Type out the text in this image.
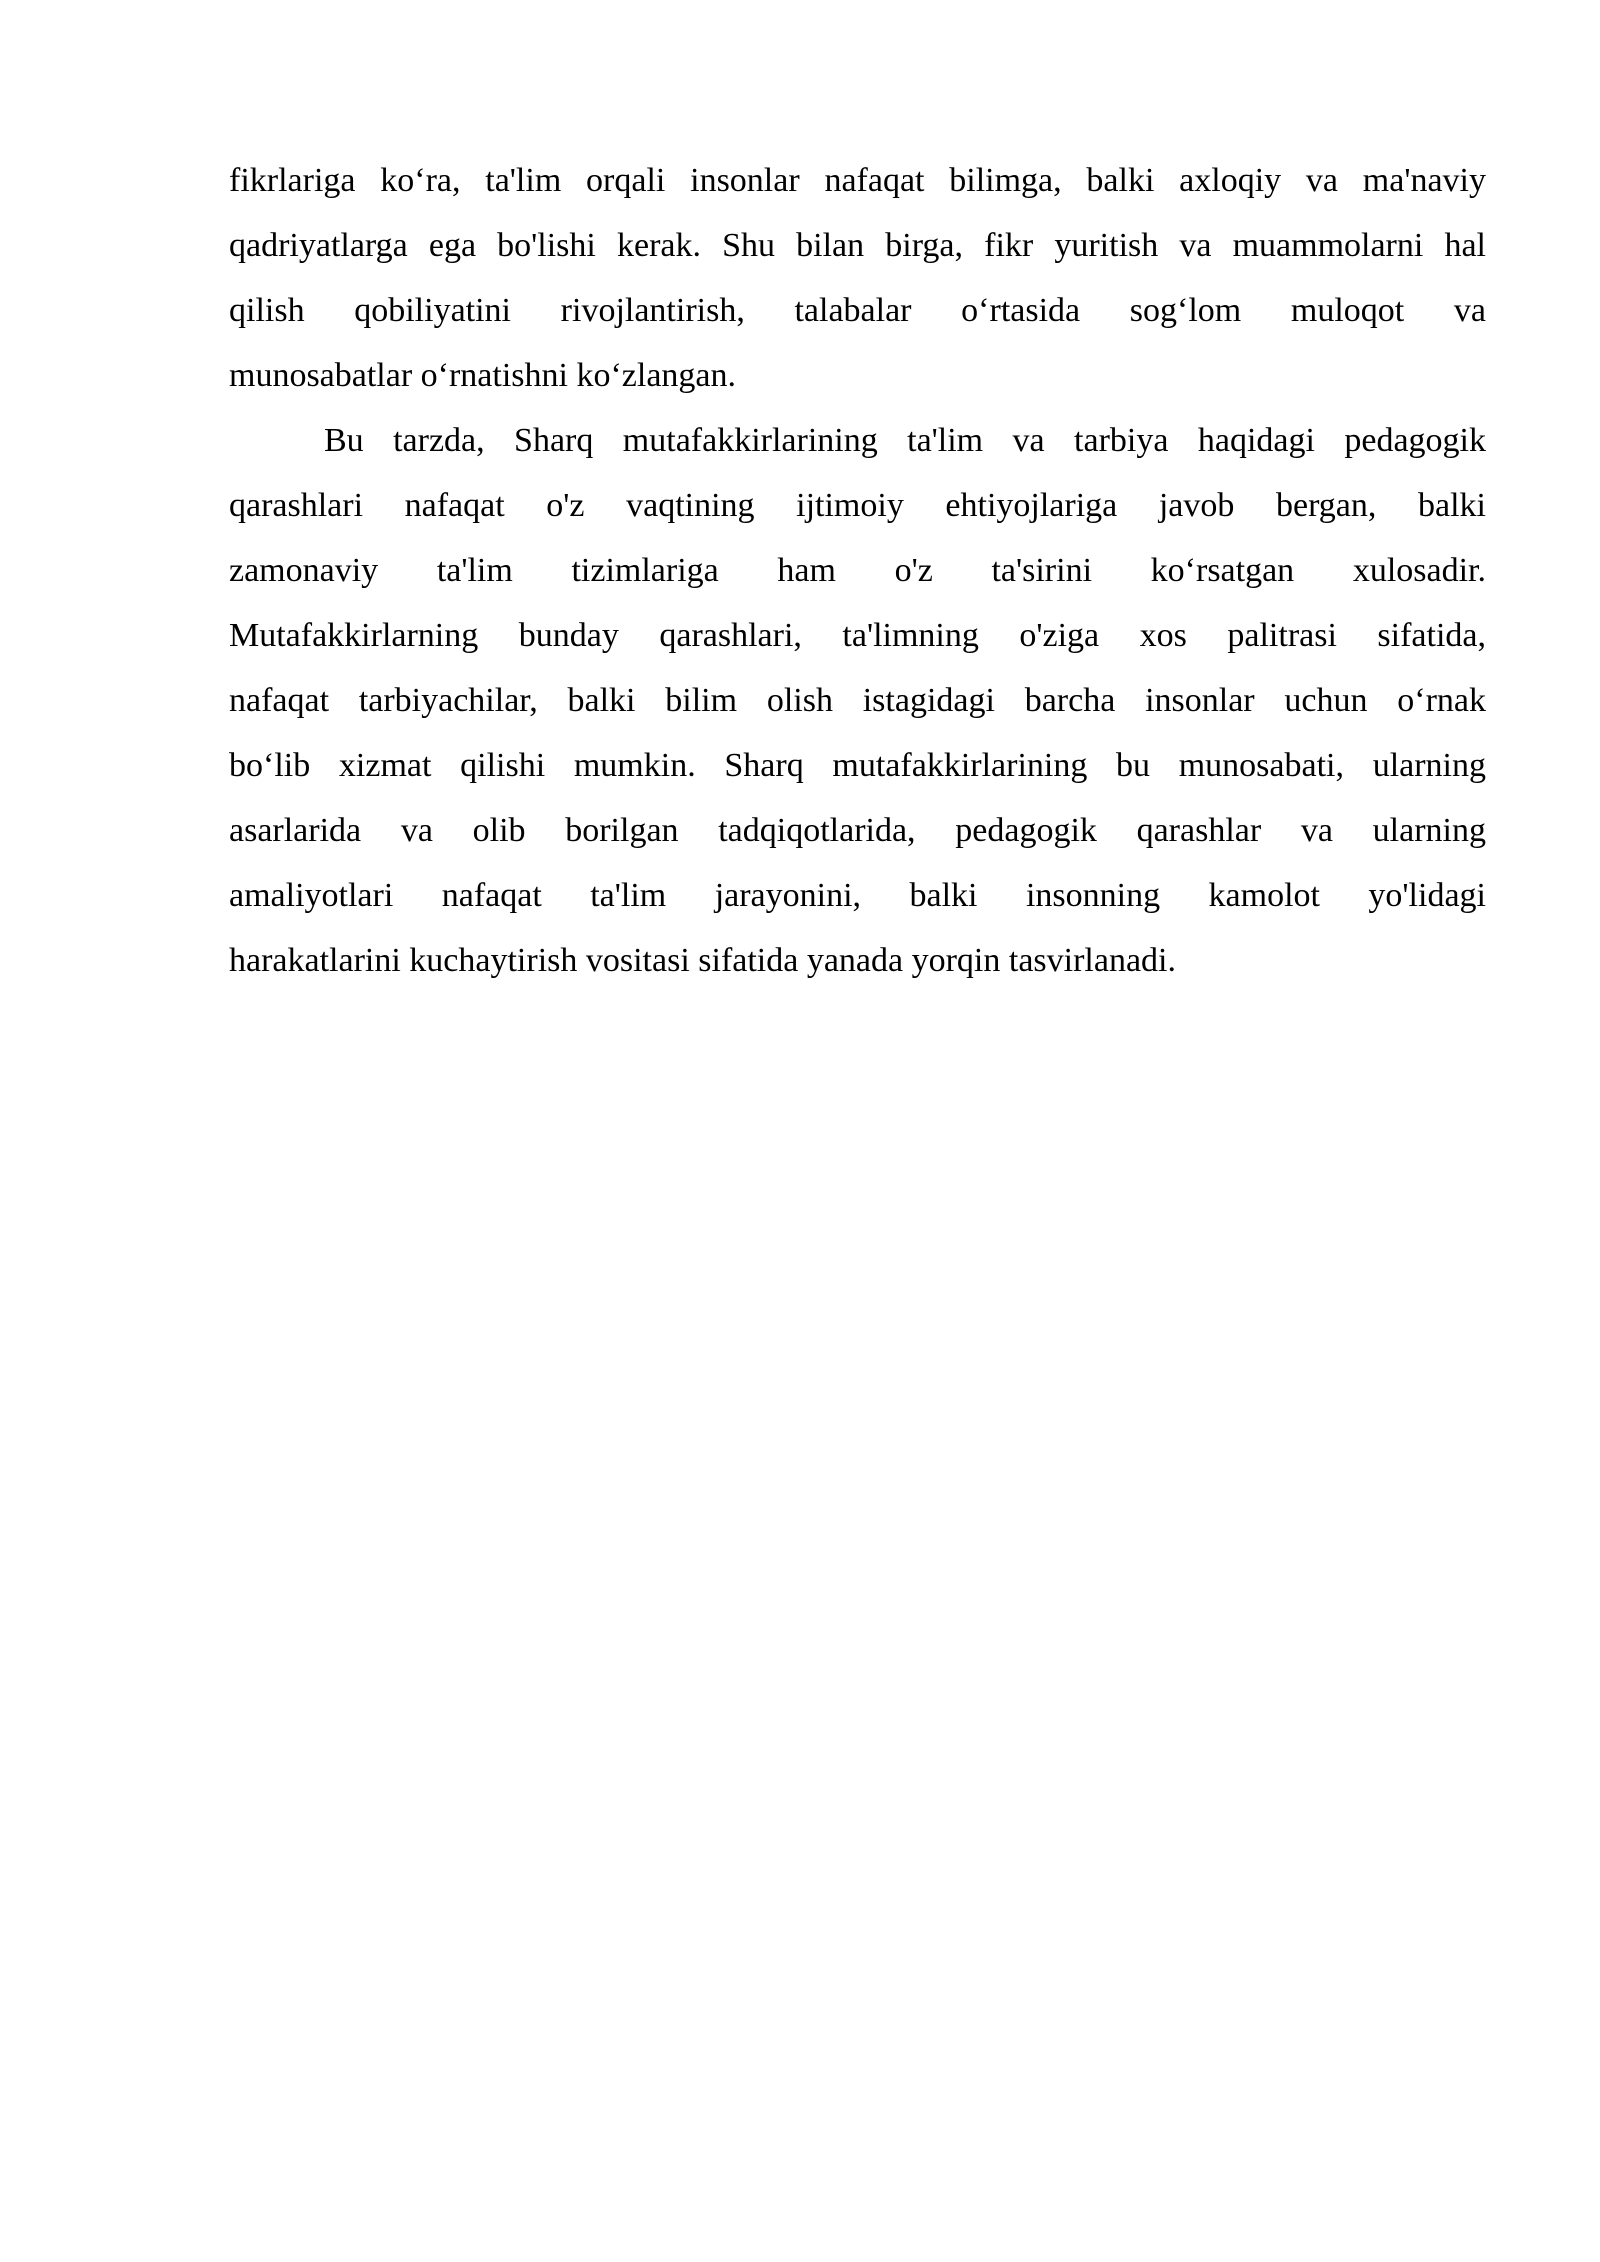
fikrlariga ko‘ra, ta'lim orqali insonlar nafaqat bilimga, balki axloqiy va ma'naviy
qadriyatlarga ega bo'lishi kerak. Shu bilan birga, fikr yuritish va muammolarni hal
qilish qobiliyatini rivojlantirish, talabalar o‘rtasida sog‘lom muloqot va
munosabatlar o‘rnatishni ko‘zlangan.
Bu tarzda, Sharq mutafakkirlarining ta'lim va tarbiya haqidagi pedagogik
qarashlari nafaqat o'z vaqtining ijtimoiy ehtiyojlariga javob bergan, balki
zamonaviy ta'lim tizimlariga ham o'z ta'sirini ko‘rsatgan xulosadir.
Mutafakkirlarning bunday qarashlari, ta'limning o'ziga xos palitrasi sifatida,
nafaqat tarbiyachilar, balki bilim olish istagidagi barcha insonlar uchun o‘rnak
bo‘lib xizmat qilishi mumkin. Sharq mutafakkirlarining bu munosabati, ularning
asarlarida va olib borilgan tadqiqotlarida, pedagogik qarashlar va ularning
amaliyotlari nafaqat ta'lim jarayonini, balki insonning kamolot yo'lidagi
harakatlarini kuchaytirish vositasi sifatida yanada yorqin tasvirlanadi.
